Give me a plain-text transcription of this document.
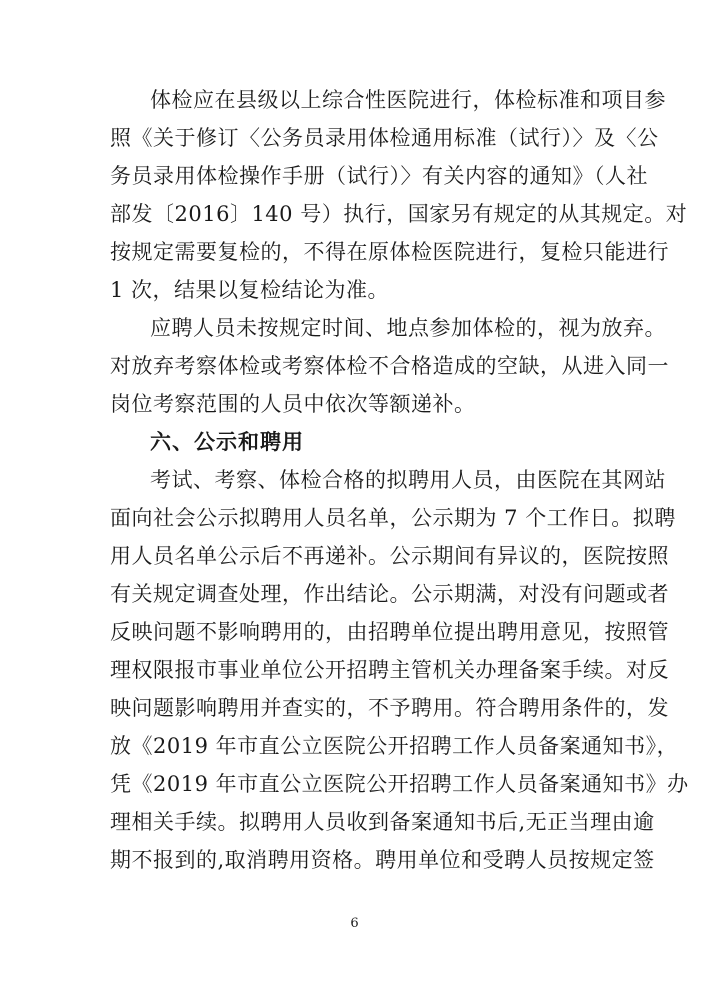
体检应在县级以上综合性医院进行，体检标准和项目参
照《关于修订〈公务员录用体检通用标准（试行）〉及〈公
务员录用体检操作手册（试行）〉有关内容的通知》（人社
部发〔2016〕140 号）执行，国家另有规定的从其规定。对
按规定需要复检的，不得在原体检医院进行，复检只能进行
1 次，结果以复检结论为准。
应聘人员未按规定时间、地点参加体检的，视为放弃。
对放弃考察体检或考察体检不合格造成的空缺，从进入同一
岗位考察范围的人员中依次等额递补。
六、公示和聘用
考试、考察、体检合格的拟聘用人员，由医院在其网站
面向社会公示拟聘用人员名单，公示期为 7 个工作日。拟聘
用人员名单公示后不再递补。公示期间有异议的，医院按照
有关规定调查处理，作出结论。公示期满，对没有问题或者
反映问题不影响聘用的，由招聘单位提出聘用意见，按照管
理权限报市事业单位公开招聘主管机关办理备案手续。对反
映问题影响聘用并查实的，不予聘用。符合聘用条件的，发
放《2019 年市直公立医院公开招聘工作人员备案通知书》，
凭《2019 年市直公立医院公开招聘工作人员备案通知书》办
理相关手续。拟聘用人员收到备案通知书后,无正当理由逾
期不报到的,取消聘用资格。聘用单位和受聘人员按规定签
6
